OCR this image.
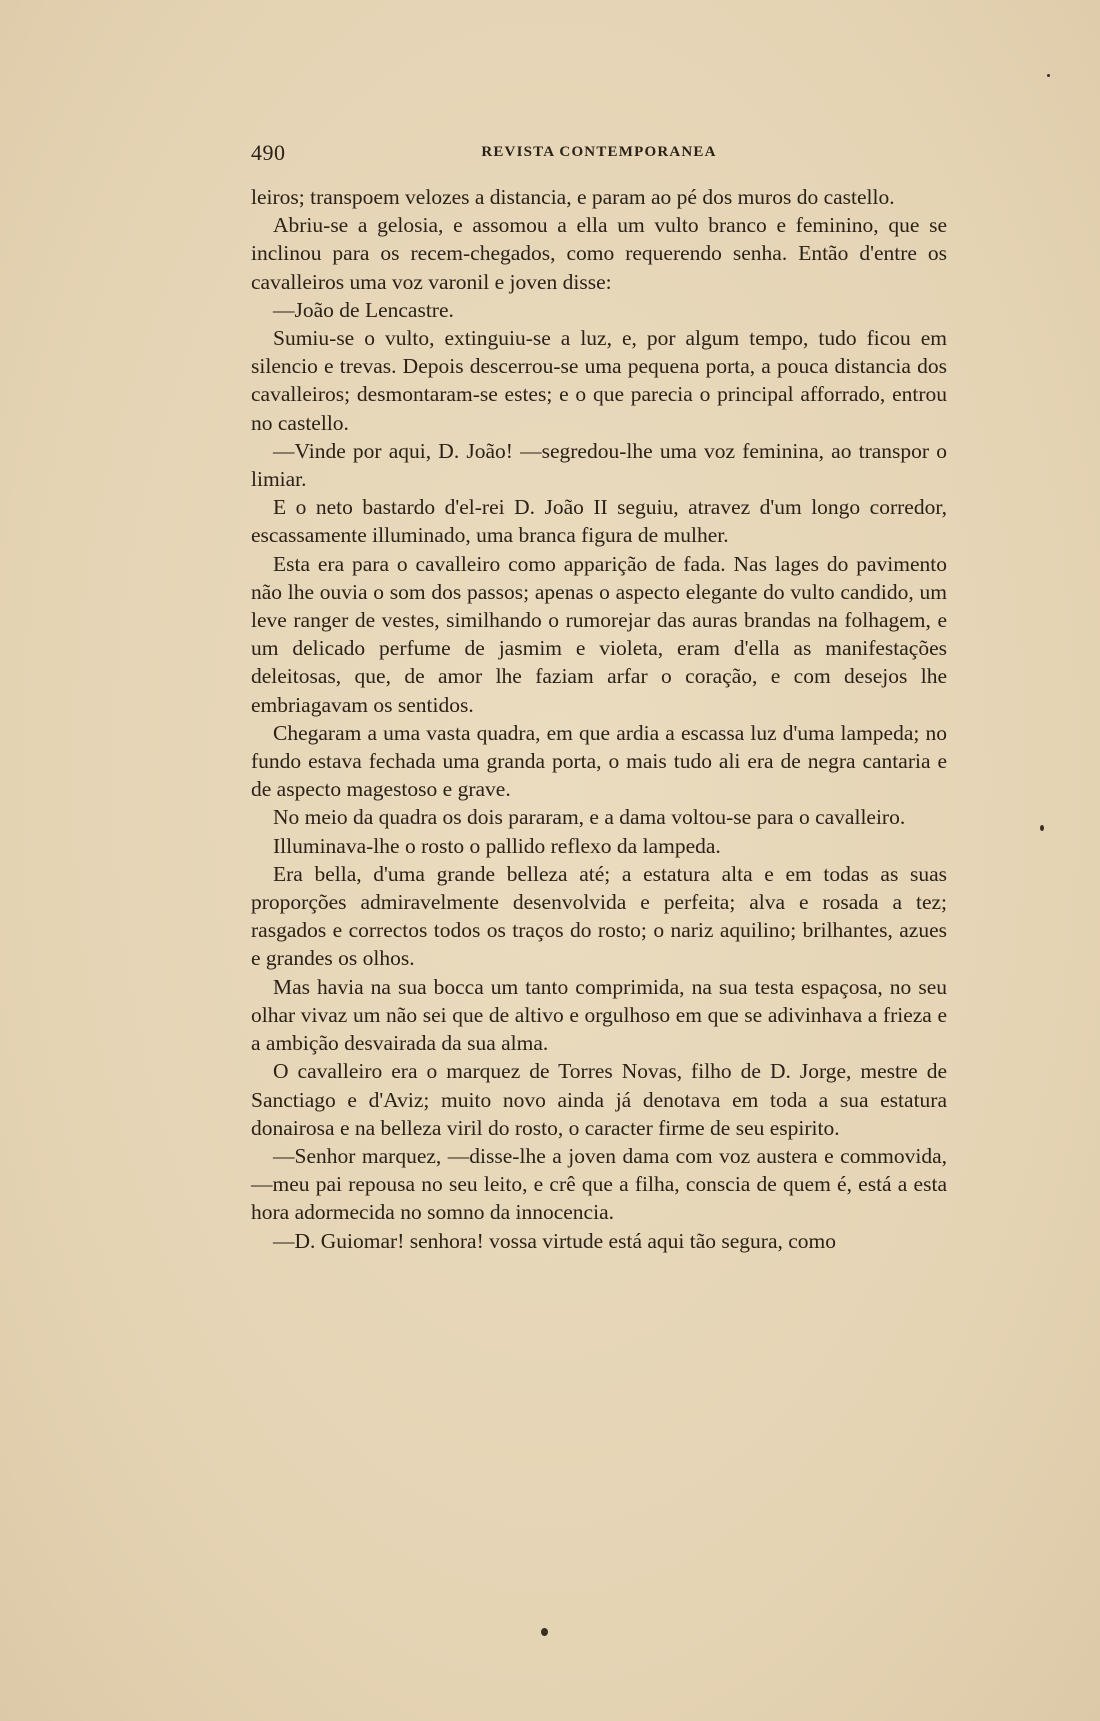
490	REVISTA CONTEMPORANEA

leiros; transpoem velozes a distancia, e param ao pé dos muros do castello.

Abriu-se a gelosia, e assomou a ella um vulto branco e feminino, que se inclinou para os recem-chegados, como requerendo senha. Então d'entre os cavalleiros uma voz varonil e joven disse:

—João de Lencastre.

Sumiu-se o vulto, extinguiu-se a luz, e, por algum tempo, tudo ficou em silencio e trevas. Depois descerrou-se uma pequena porta, a pouca distancia dos cavalleiros; desmontaram-se estes; e o que parecia o principal afforrado, entrou no castello.

—Vinde por aqui, D. João! —segredou-lhe uma voz feminina, ao transpor o limiar.

E o neto bastardo d'el-rei D. João II seguiu, atravez d'um longo corredor, escassamente illuminado, uma branca figura de mulher.

Esta era para o cavalleiro como apparição de fada. Nas lages do pavimento não lhe ouvia o som dos passos; apenas o aspecto elegante do vulto candido, um leve ranger de vestes, similhando o rumorejar das auras brandas na folhagem, e um delicado perfume de jasmim e violeta, eram d'ella as manifestações deleitosas, que, de amor lhe faziam arfar o coração, e com desejos lhe embriagavam os sentidos.

Chegaram a uma vasta quadra, em que ardia a escassa luz d'uma lampeda; no fundo estava fechada uma granda porta, o mais tudo ali era de negra cantaria e de aspecto magestoso e grave.

No meio da quadra os dois pararam, e a dama voltou-se para o cavalleiro.

Illuminava-lhe o rosto o pallido reflexo da lampeda.

Era bella, d'uma grande belleza até; a estatura alta e em todas as suas proporções admiravelmente desenvolvida e perfeita; alva e rosada a tez; rasgados e correctos todos os traços do rosto; o nariz aquilino; brilhantes, azues e grandes os olhos.

Mas havia na sua bocca um tanto comprimida, na sua testa espaçosa, no seu olhar vivaz um não sei que de altivo e orgulhoso em que se adivinhava a frieza e a ambição desvairada da sua alma.

O cavalleiro era o marquez de Torres Novas, filho de D. Jorge, mestre de Sanctiago e d'Aviz; muito novo ainda já denotava em toda a sua estatura donairosa e na belleza viril do rosto, o caracter firme de seu espirito.

—Senhor marquez, —disse-lhe a joven dama com voz austera e commovida, —meu pai repousa no seu leito, e crê que a filha, conscia de quem é, está a esta hora adormecida no somno da innocencia.

—D. Guiomar! senhora! vossa virtude está aqui tão segura, como
